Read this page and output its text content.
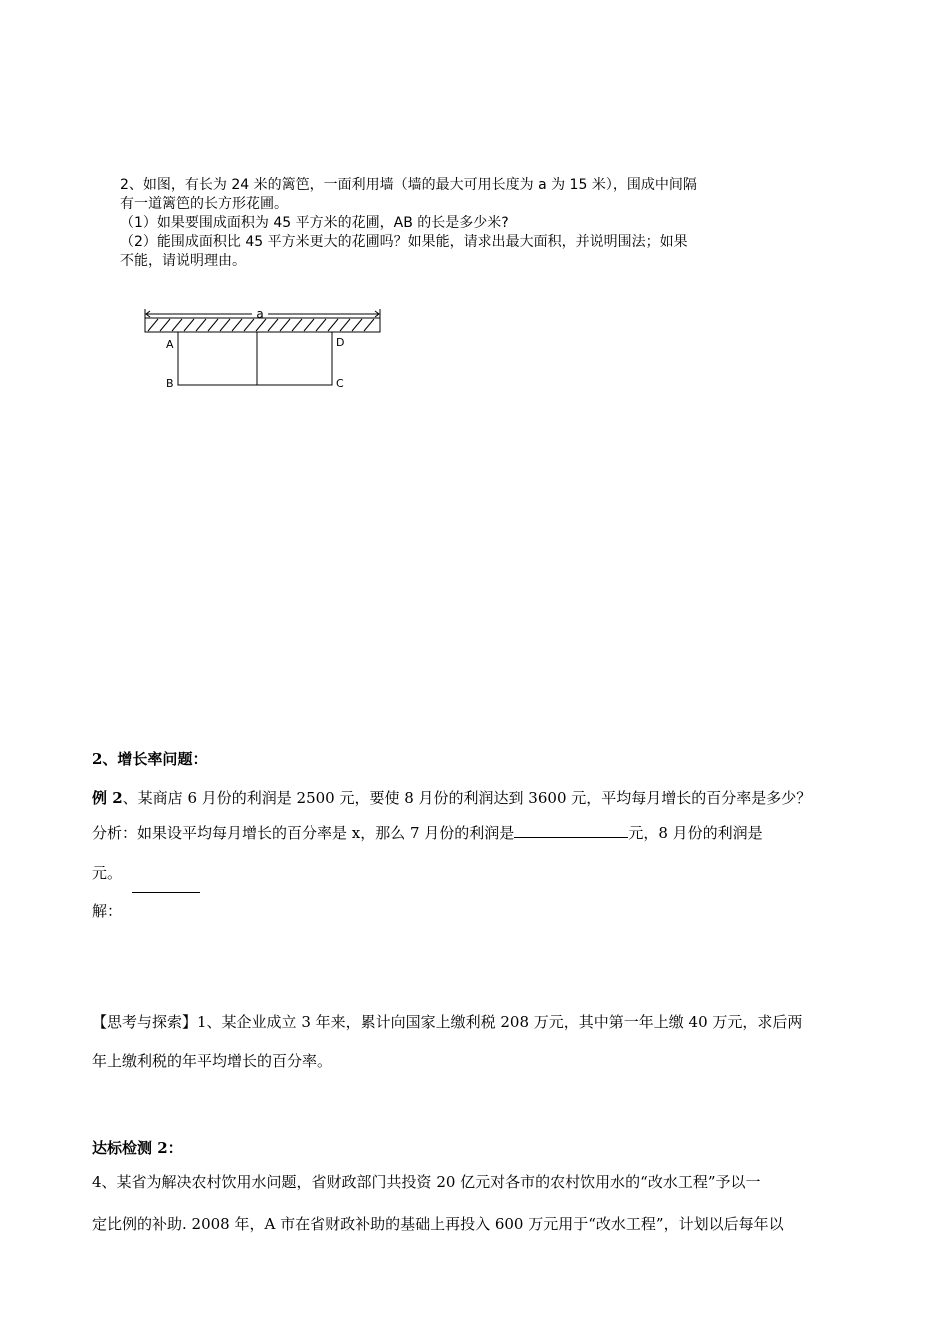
2、如图，有长为 24 米的篱笆，一面利用墙（墙的最大可用长度为 a 为 15 米），围成中间隔
有一道篱笆的长方形花圃。
（1）如果要围成面积为 45 平方米的花圃，AB 的长是多少米?
（2）能围成面积比 45 平方米更大的花圃吗？如果能，请求出最大面积，并说明围法；如果
不能，请说明理由。
a
A
B	C
D
2、增长率问题：
例 2、某商店 6 月份的利润是 2500 元，要使 8 月份的利润达到 3600 元，平均每月增长的百分率是多少？
分析：如果设平均每月增长的百分率是 x，那么 7 月份的利润是	元，8 月份的利润是
元。
解：
【思考与探索】1、某企业成立 3 年来，累计向国家上缴利税 208 万元，其中第一年上缴 40 万元，求后两
年上缴利税的年平均增长的百分率。
达标检测 2：
4、某省为解决农村饮用水问题，省财政部门共投资 20 亿元对各市的农村饮用水的“改水工程”予以一
定比例的补助. 2008 年，A 市在省财政补助的基础上再投入 600 万元用于“改水工程”，计划以后每年以
